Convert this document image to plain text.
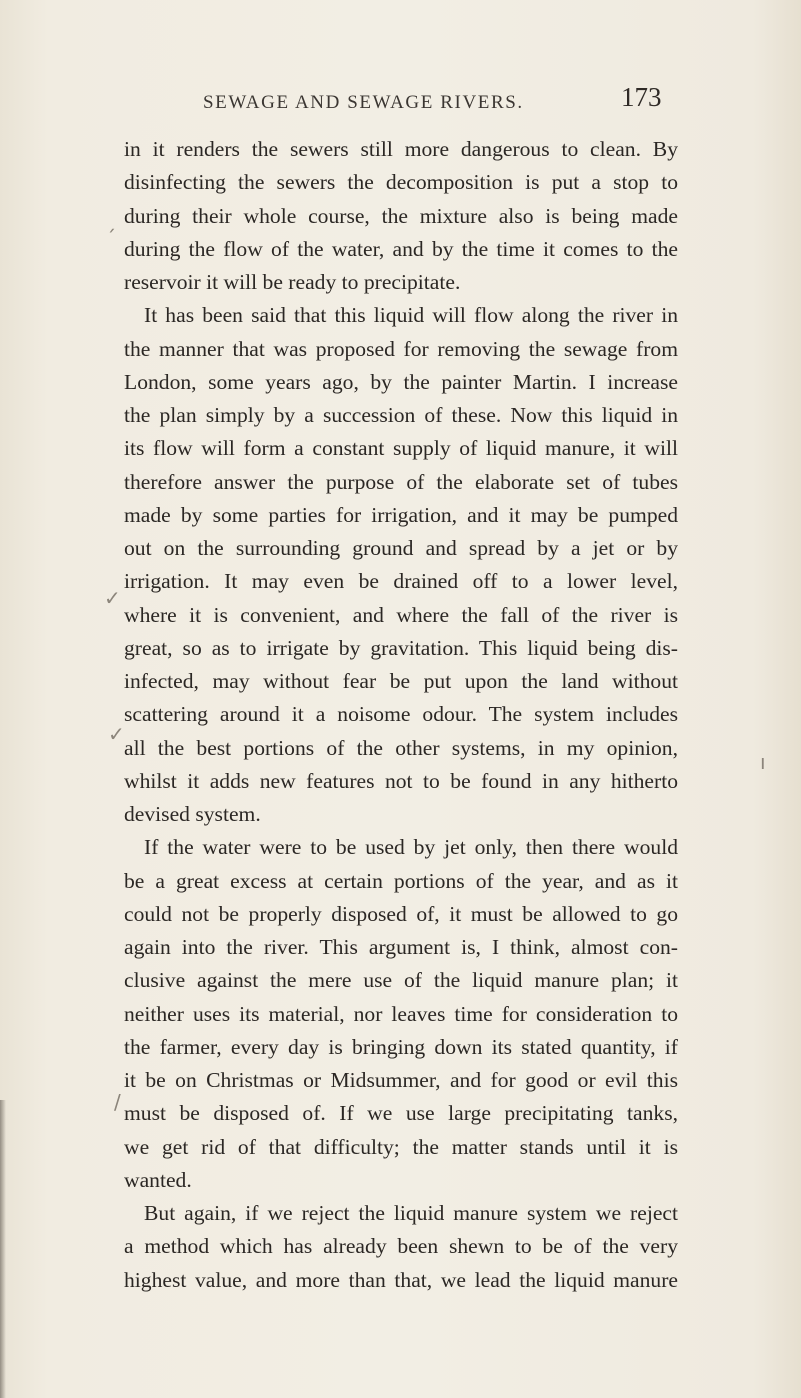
SEWAGE AND SEWAGE RIVERS.	173
in it renders the sewers still more dangerous to clean. By
disinfecting the sewers the decomposition is put a stop to
during their whole course, the mixture also is being made
during the flow of the water, and by the time it comes to the
reservoir it will be ready to precipitate.
It has been said that this liquid will flow along the river in
the manner that was proposed for removing the sewage from
London, some years ago, by the painter Martin. I increase
the plan simply by a succession of these. Now this liquid in
its flow will form a constant supply of liquid manure, it will
therefore answer the purpose of the elaborate set of tubes
made by some parties for irrigation, and it may be pumped
out on the surrounding ground and spread by a jet or by
irrigation. It may even be drained off to a lower level,
where it is convenient, and where the fall of the river is
great, so as to irrigate by gravitation. This liquid being dis-
infected, may without fear be put upon the land without
scattering around it a noisome odour. The system includes
all the best portions of the other systems, in my opinion,
whilst it adds new features not to be found in any hitherto
devised system.
If the water were to be used by jet only, then there would
be a great excess at certain portions of the year, and as it
could not be properly disposed of, it must be allowed to go
again into the river. This argument is, I think, almost con-
clusive against the mere use of the liquid manure plan; it
neither uses its material, nor leaves time for consideration to
the farmer, every day is bringing down its stated quantity, if
it be on Christmas or Midsummer, and for good or evil this
must be disposed of. If we use large precipitating tanks,
we get rid of that difficulty; the matter stands until it is
wanted.
But again, if we reject the liquid manure system we reject
a method which has already been shewn to be of the very
highest value, and more than that, we lead the liquid manure
ˊ
✓
✓
/
ı
